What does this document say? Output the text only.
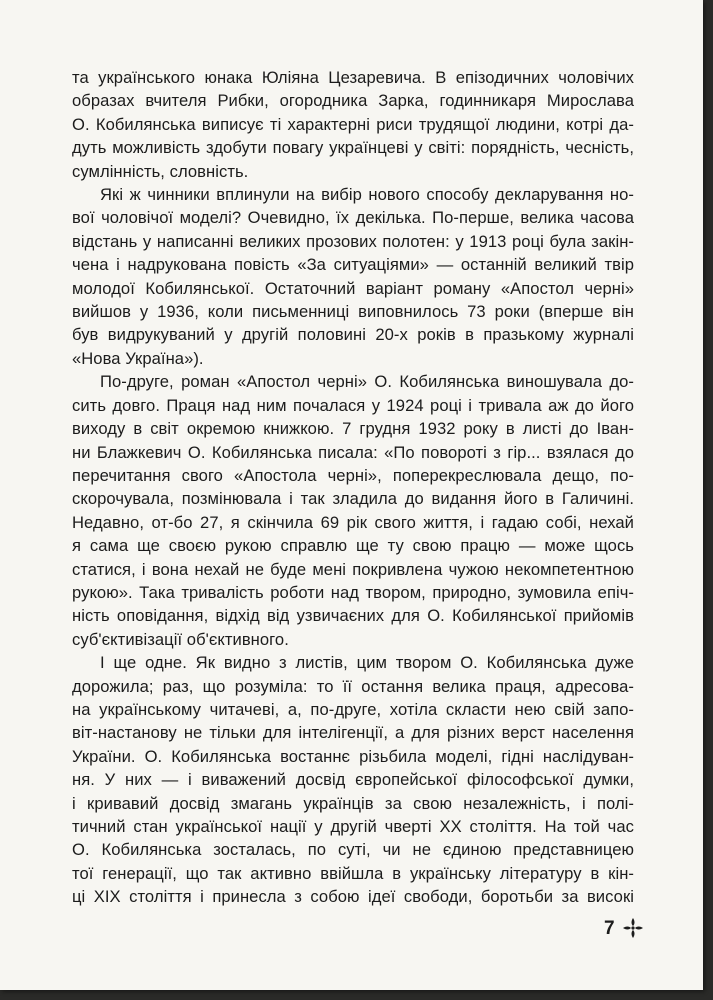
та українського юнака Юліяна Цезаревича. В епізодичних чоловічих
образах вчителя Рибки, огородника Зарка, годинникаря Мирослава
О. Кобилянська виписує ті характерні риси трудящої людини, котрі да-
дуть можливість здобути повагу українцеві у світі: порядність, чесність,
сумлінність, словність.

Які ж чинники вплинули на вибір нового способу декларування но-
вої чоловічої моделі? Очевидно, їх декілька. По-перше, велика часова
відстань у написанні великих прозових полотен: у 1913 році була закін-
чена і надрукована повість «За ситуаціями» — останній великий твір
молодої Кобилянської. Остаточний варіант роману «Апостол черні»
вийшов у 1936, коли письменниці виповнилось 73 роки (вперше він
був видрукуваний у другій половині 20-х років в празькому журналі
«Нова Україна»).

По-друге, роман «Апостол черні» О. Кобилянська виношувала до-
сить довго. Праця над ним почалася у 1924 році і тривала аж до його
виходу в світ окремою книжкою. 7 грудня 1932 року в листі до Іван-
ни Блажкевич О. Кобилянська писала: «По повороті з гір... взялася до
перечитання свого «Апостола черні», поперекреслювала дещо, по-
скорочувала, позмінювала і так зладила до видання його в Галичині.
Недавно, от-бо 27, я скінчила 69 рік свого життя, і гадаю собі, нехай
я сама ще своєю рукою справлю ще ту свою працю — може щось
статися, і вона нехай не буде мені покривлена чужою некомпетентною
рукою». Така тривалість роботи над твором, природно, зумовила епіч-
ність оповідання, відхід від узвичаєних для О. Кобилянської прийомів
суб'єктивізації об'єктивного.

І ще одне. Як видно з листів, цим твором О. Кобилянська дуже
дорожила; раз, що розуміла: то її остання велика праця, адресова-
на українському читачеві, а, по-друге, хотіла скласти нею свій запо-
віт-настанову не тільки для інтелігенції, а для різних верст населення
України. О. Кобилянська востаннє різьбила моделі, гідні наслідуван-
ня. У них — і виважений досвід європейської філософської думки,
і кривавий досвід змагань українців за свою незалежність, і полі-
тичний стан української нації у другій чверті XX століття. На той час
О. Кобилянська зосталась, по суті, чи не єдиною представницею
тої генерації, що так активно ввійшла в українську літературу в кін-
ці XIX століття і принесла з собою ідеї свободи, боротьби за високі

7
